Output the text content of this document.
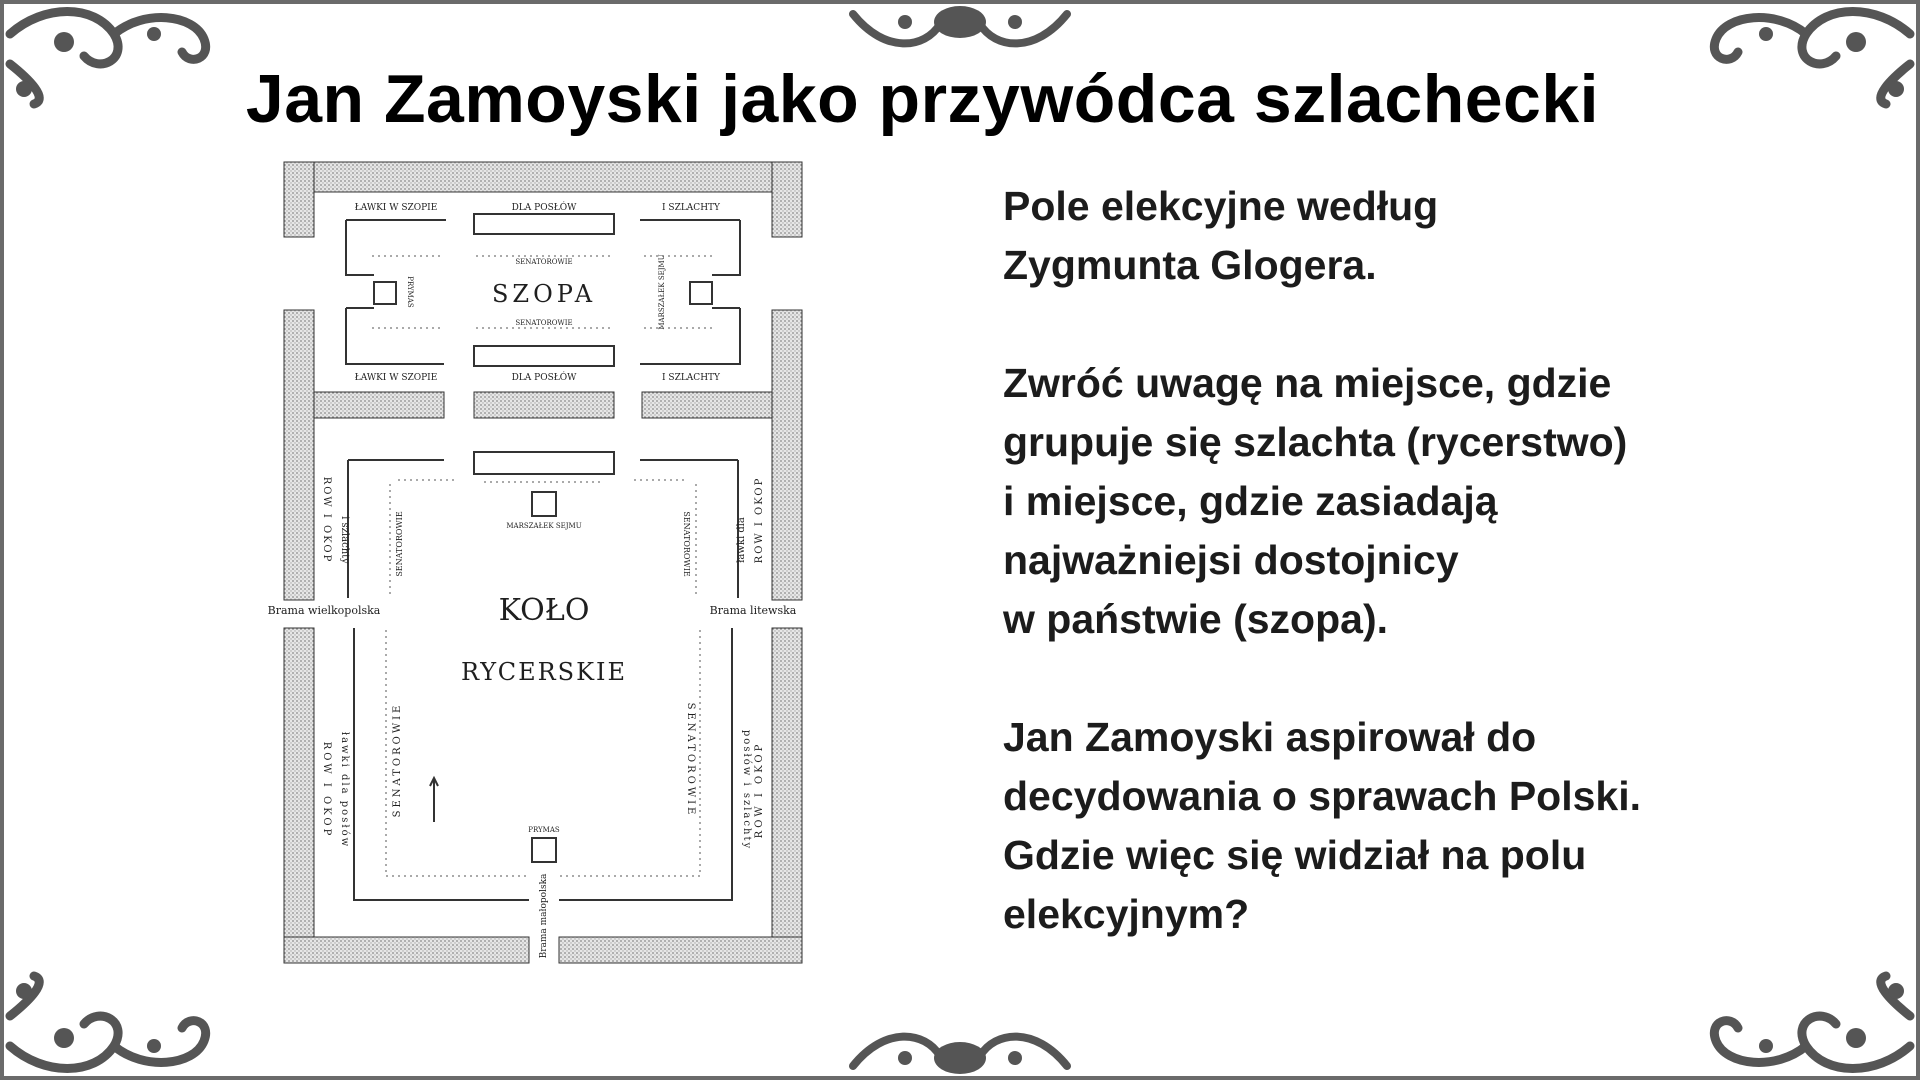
Jan Zamoyski jako przywódca szlachecki
ŁAWKI W SZOPIE	DLA POSŁÓW	I SZLACHTY
ŁAWKI W SZOPIE	DLA POSŁÓW	I SZLACHTY
SENATOROWIE
SENATOROWIE
SZOPA
MARSZAŁEK SEJMU
KOŁO
RYCERSKIE
PRYMAS
Brama wielkopolska	Brama litewska
PRYMAS	MARSZAŁEK SEJMU
ROW I OKOP i szlachty	SENATOROWIE	ROW I OKOP
ławki dla
SENATOROWIE
ROW I OKOP ławki dla posłów	SENATOROWIE	ROW I OKOP
posłów i szlachty
SENATOROWIE
Brama małopolska

Pole elekcyjne według
Zygmunta Glogera.

Zwróć uwagę na miejsce, gdzie
grupuje się szlachta (rycerstwo)
i miejsce, gdzie zasiadają
najważniejsi dostojnicy
w państwie (szopa).

Jan Zamoyski aspirował do
decydowania o sprawach Polski.
Gdzie więc się widział na polu
elekcyjnym?
